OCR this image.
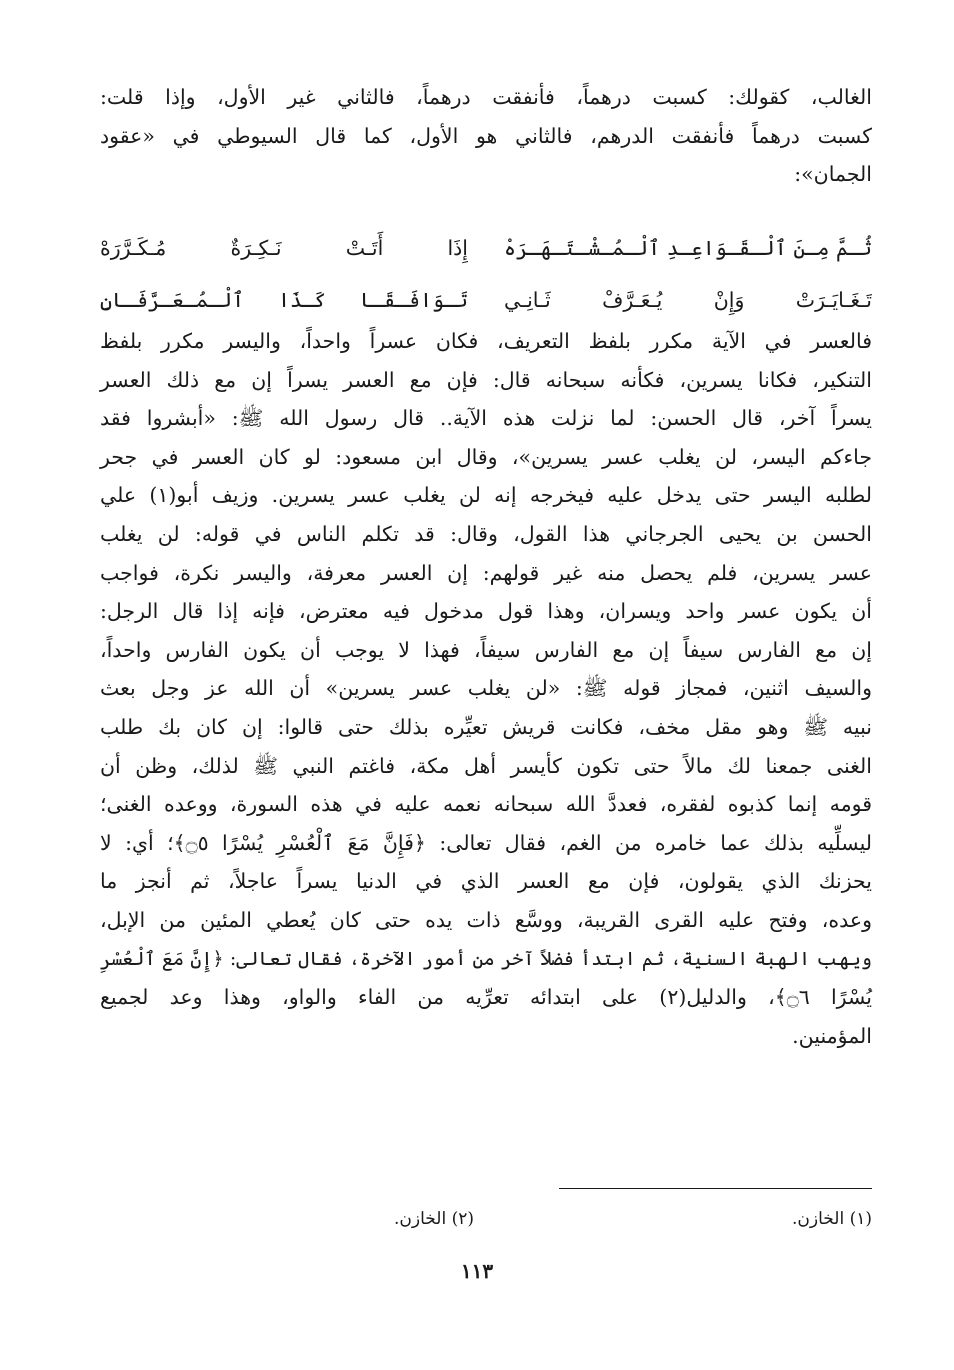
الغالب، كقولك: كسبت درهماً، فأنفقت درهماً، فالثاني غير الأول، وإذا قلت:
كسبت درهماً فأنفقت الدرهم، فالثاني هو الأول، كما قال السيوطي في «عقود
الجمان»:
ثُـمَّ مِـنَ ٱلْـقَـوَاعِـدِ ٱلْـمُـشْـتَـهَـرَهْ
إِذَا أَتَـتْ نَـكِـرَةٌ مُـكَـرَّرَهْ
تَـغَـايَـرَتْ وَإِنْ يُـعَـرَّفْ ثَـانِـي
تَـوَافَـقَـا كَـذَا ٱلْـمُـعَـرَّفَـانِ
فالعسر في الآية مكرر بلفظ التعريف، فكان عسراً واحداً، واليسر مكرر بلفظ
التنكير، فكانا يسرين، فكأنه سبحانه قال: فإن مع العسر يسراً إن مع ذلك العسر
يسراً آخر، قال الحسن: لما نزلت هذه الآية.. قال رسول الله ﷺ: «أبشروا فقد
جاءكم اليسر، لن يغلب عسر يسرين»، وقال ابن مسعود: لو كان العسر في جحر
لطلبه اليسر حتى يدخل عليه فيخرجه إنه لن يغلب عسر يسرين. وزيف أبو(١) علي
الحسن بن يحيى الجرجاني هذا القول، وقال: قد تكلم الناس في قوله: لن يغلب
عسر يسرين، فلم يحصل منه غير قولهم: إن العسر معرفة، واليسر نكرة، فواجب
أن يكون عسر واحد ويسران، وهذا قول مدخول فيه معترض، فإنه إذا قال الرجل:
إن مع الفارس سيفاً إن مع الفارس سيفاً، فهذا لا يوجب أن يكون الفارس واحداً،
والسيف اثنين، فمجاز قوله ﷺ: «لن يغلب عسر يسرين» أن الله عز وجل بعث
نبيه ﷺ وهو مقل مخف، فكانت قريش تعيِّره بذلك حتى قالوا: إن كان بك طلب
الغنى جمعنا لك مالاً حتى تكون كأيسر أهل مكة، فاغتم النبي ﷺ لذلك، وظن أن
قومه إنما كذبوه لفقره، فعددَّ الله سبحانه نعمه عليه في هذه السورة، ووعده الغنى؛
ليسلِّيه بذلك عما خامره من الغم، فقال تعالى: ﴿فَإِنَّ مَعَ ٱلْعُسْرِ يُسْرًا ۝٥﴾؛ أي: لا
يحزنك الذي يقولون، فإن مع العسر الذي في الدنيا يسراً عاجلاً، ثم أنجز ما
وعده، وفتح عليه القرى القريبة، ووسَّع ذات يده حتى كان يُعطي المئين من الإبل،
ويهب الهبة السنية، ثم ابتدأ فضلاً آخر من أمور الآخرة، فقال تعالى: ﴿إِنَّ مَعَ ٱلْعُسْرِ
يُسْرًا ۝٦﴾، والدليل(٢) على ابتدائه تعرِّيه من الفاء والواو، وهذا وعد لجميع
المؤمنين.
(١) الخازن.
(٢) الخازن.
١١٣
